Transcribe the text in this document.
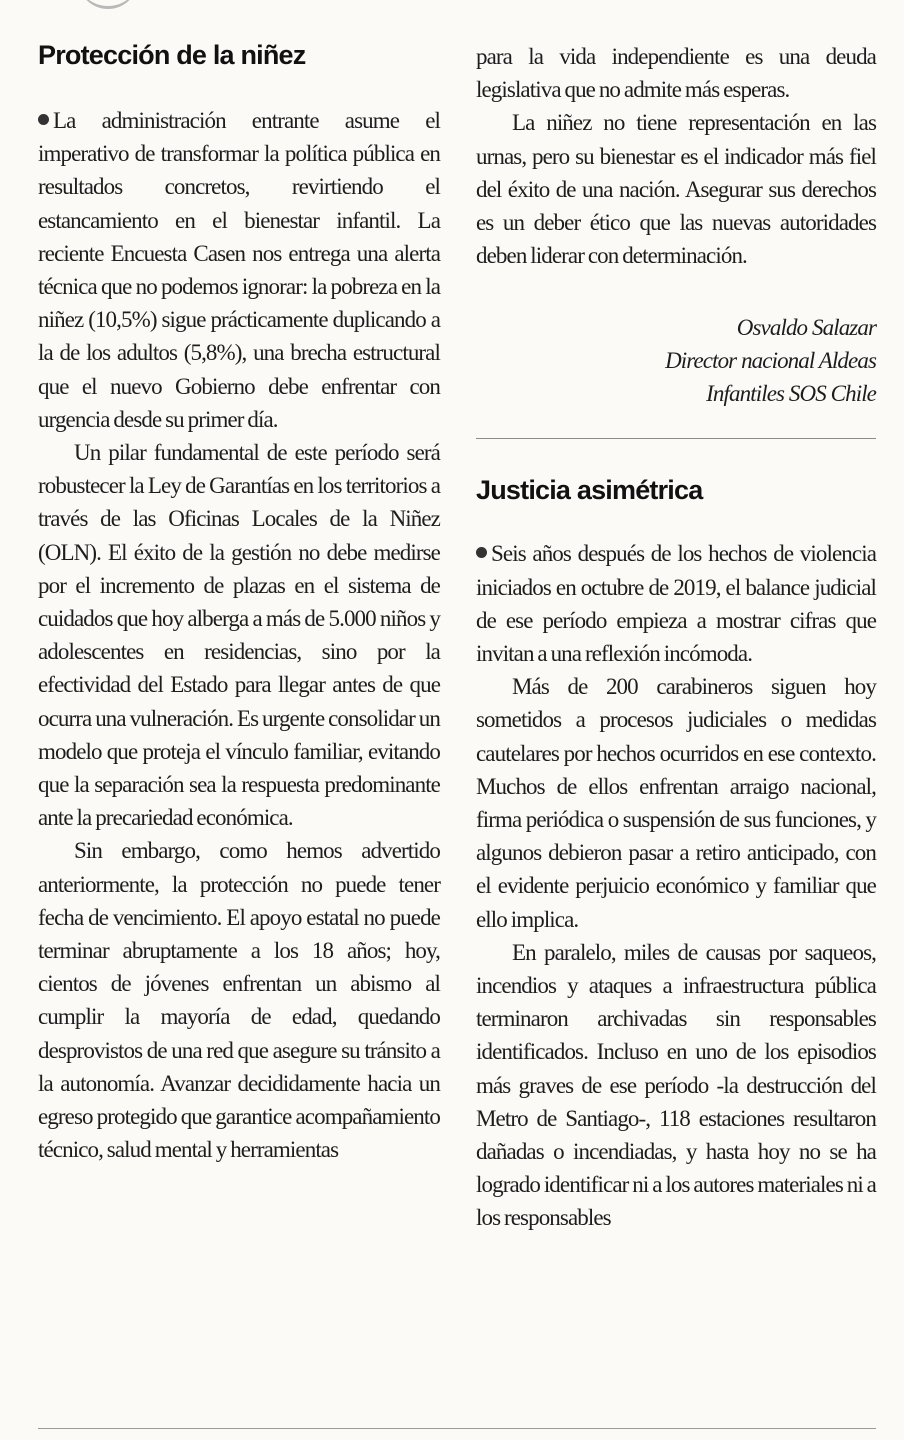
Protección de la niñez

La administración entrante asume el imperativo de transformar la política pública en resultados concretos, revirtiendo el estancamiento en el bienestar infantil. La reciente Encuesta Casen nos entrega una alerta técnica que no podemos ignorar: la pobreza en la niñez (10,5%) sigue prácticamente duplicando a la de los adultos (5,8%), una brecha estructural que el nuevo Gobierno debe enfrentar con urgencia desde su primer día.

Un pilar fundamental de este período será robustecer la Ley de Garantías en los territorios a través de las Oficinas Locales de la Niñez (OLN). El éxito de la gestión no debe medirse por el incremento de plazas en el sistema de cuidados que hoy alberga a más de 5.000 niños y adolescentes en residencias, sino por la efectividad del Estado para llegar antes de que ocurra una vulneración. Es urgente consolidar un modelo que proteja el vínculo familiar, evitando que la separación sea la respuesta predominante ante la precariedad económica.

Sin embargo, como hemos advertido anteriormente, la protección no puede tener fecha de vencimiento. El apoyo estatal no puede terminar abruptamente a los 18 años; hoy, cientos de jóvenes enfrentan un abismo al cumplir la mayoría de edad, quedando desprovistos de una red que asegure su tránsito a la autonomía. Avanzar decididamente hacia un egreso protegido que garantice acompañamiento técnico, salud mental y herramientas

para la vida independiente es una deuda legislativa que no admite más esperas.

La niñez no tiene representación en las urnas, pero su bienestar es el indicador más fiel del éxito de una nación. Asegurar sus derechos es un deber ético que las nuevas autoridades deben liderar con determinación.

Osvaldo Salazar
Director nacional Aldeas
Infantiles SOS Chile
Justicia asimétrica

Seis años después de los hechos de violencia iniciados en octubre de 2019, el balance judicial de ese período empieza a mostrar cifras que invitan a una reflexión incómoda.

Más de 200 carabineros siguen hoy sometidos a procesos judiciales o medidas cautelares por hechos ocurridos en ese contexto. Muchos de ellos enfrentan arraigo nacional, firma periódica o suspensión de sus funciones, y algunos debieron pasar a retiro anticipado, con el evidente perjuicio económico y familiar que ello implica.

En paralelo, miles de causas por saqueos, incendios y ataques a infraestructura pública terminaron archivadas sin responsables identificados. Incluso en uno de los episodios más graves de ese período -la destrucción del Metro de Santiago-, 118 estaciones resultaron dañadas o incendiadas, y hasta hoy no se ha logrado identificar ni a los autores materiales ni a los responsables
